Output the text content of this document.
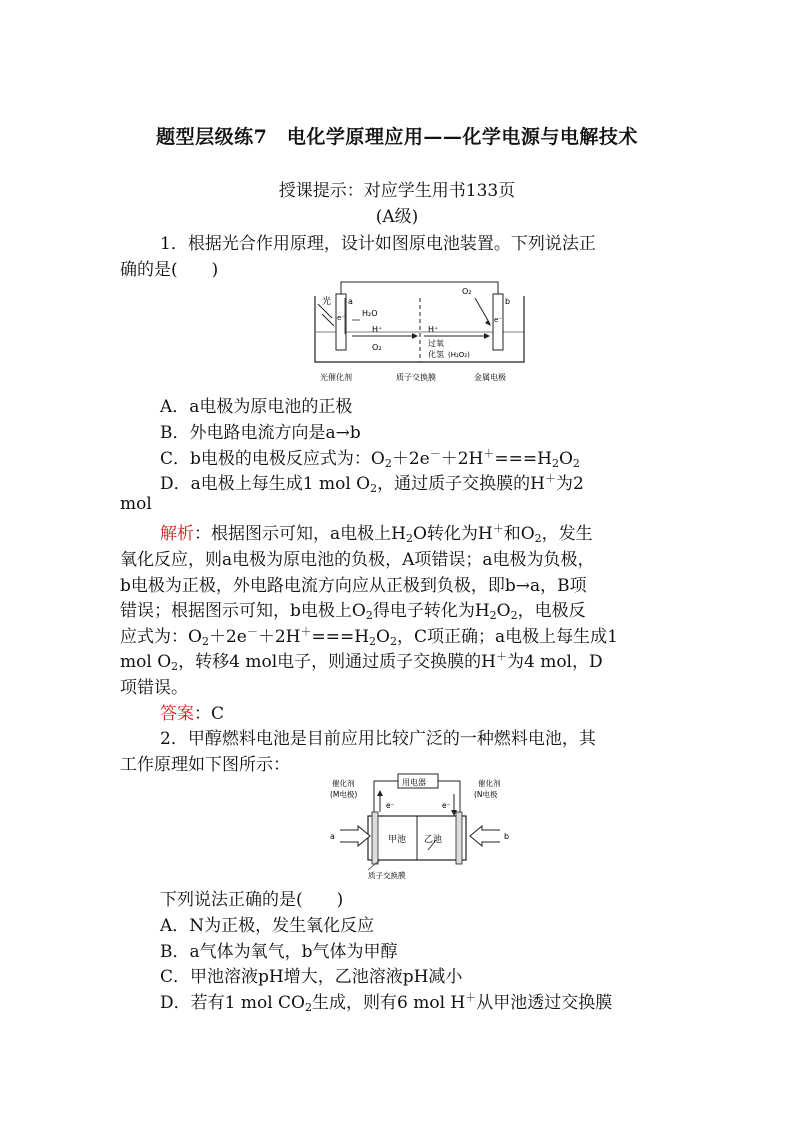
题型层级练7　电化学原理应用——化学电源与电解技术
授课提示：对应学生用书133页
(A级)
1．根据光合作用原理，设计如图原电池装置。下列说法正
确的是(　　)
光 a	b
e⁻	e⁻
H₂O
H⁺
O₂
H⁺
O₂
过氧
化氢 (H₂O₂)
光催化剂	质子交换膜	金属电极
A．a电极为原电池的正极
B．外电路电流方向是a→b
C．b电极的电极反应式为：$O_2+2e^-+2H^+===H_2O_2$
D．a电极上每生成1 mol $O_2$，通过质子交换膜的H＋为2
mol
解析：根据图示可知，a电极上$H_2O$转化为H＋和$O_2$，发生
氧化反应，则a电极为原电池的负极，A项错误；a电极为负极，
b电极为正极，外电路电流方向应从正极到负极，即b→a，B项
错误；根据图示可知，b电极上$O_2$得电子转化为$H_2O_2$，电极反
应式为：$O_2+2e^-+2H^+===H_2O_2$，C项正确；a电极上每生成1
mol $O_2$，转移4 mol电子，则通过质子交换膜的H＋为4 mol，D
项错误。
答案：C
2．甲醇燃料电池是目前应用比较广泛的一种燃料电池，其
工作原理如下图所示：
用电器
催化剂
(M电极)
催化剂
(N电极
e⁻	e⁻
a	b
甲池 乙池
质子交换膜
下列说法正确的是(　　)
A．N为正极，发生氧化反应
B．a气体为氧气，b气体为甲醇
C．甲池溶液pH增大，乙池溶液pH减小
D．若有1 mol $CO_2$生成，则有6 mol H＋从甲池透过交换膜
